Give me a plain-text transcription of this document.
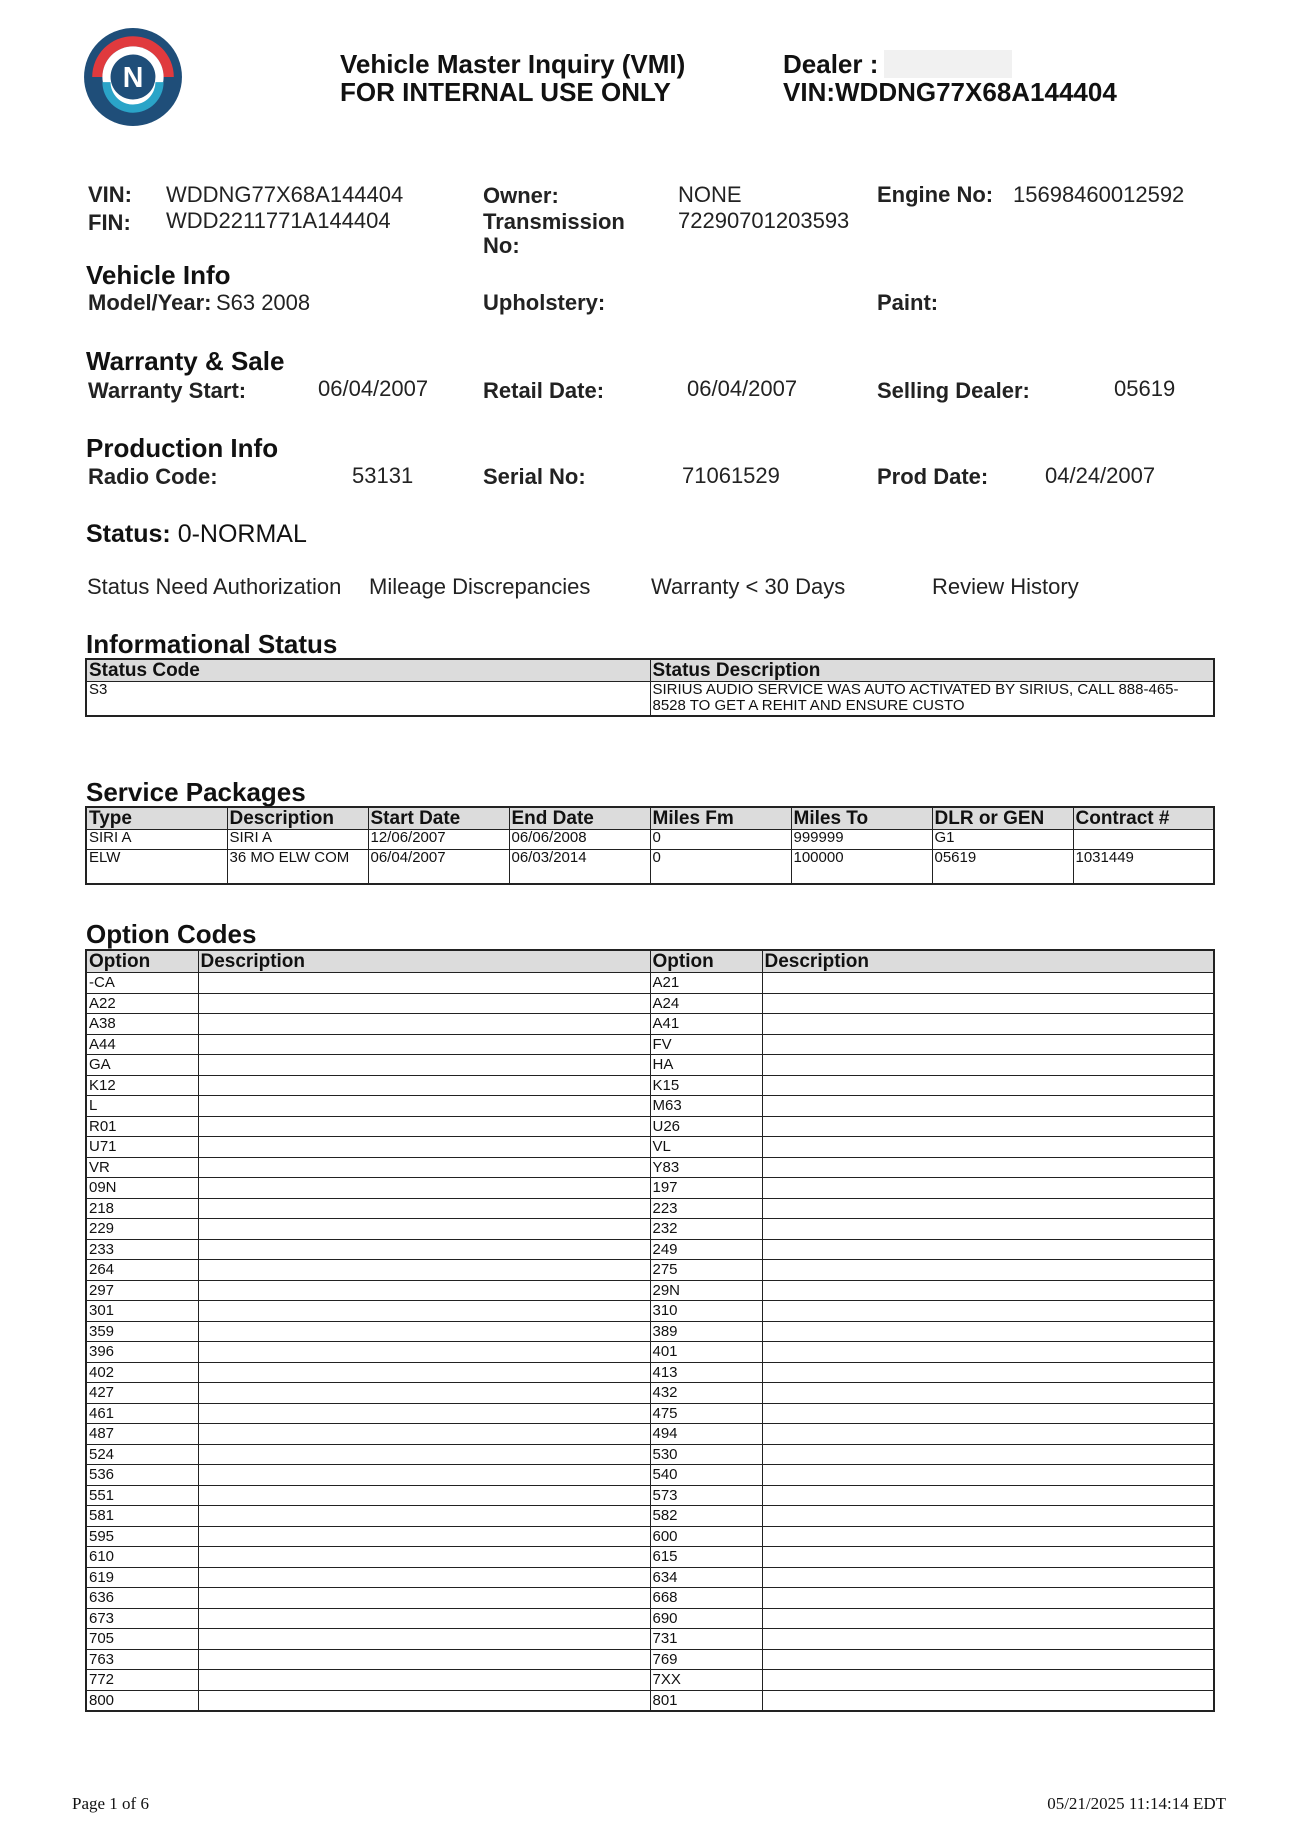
N	Vehicle Master Inquiry (VMI)
FOR INTERNAL USE ONLY
Dealer :
VIN:WDDNG77X68A144404
VIN: WDDNG77X68A144404
FIN: WDD2211771A144404
Owner:	NONE
Transmission
No:
72290701203593
Engine No: 15698460012592
Vehicle Info
Model/Year: S63 2008	Upholstery:	Paint:
Warranty & Sale
Warranty Start:	06/04/2007 Retail Date:	06/04/2007	Selling Dealer:	05619
Production Info
Radio Code:	53131	Serial No:	71061529	Prod Date:	04/24/2007
Status: 0-NORMAL
Status Need Authorization Mileage Discrepancies	Warranty < 30 Days	Review History
Informational Status
Status Code	Status Description
S3	SIRIUS AUDIO SERVICE WAS AUTO ACTIVATED BY SIRIUS, CALL 888-465-8528 TO GET A REHIT AND ENSURE CUSTO
Service Packages
Type	Description	Start Date	End Date	Miles Fm	Miles To	DLR or GEN	Contract #
SIRI A	SIRI A	12/06/2007	06/06/2008	0	999999	G1	
ELW	36 MO ELW COM	06/04/2007	06/03/2014	0	100000	05619	1031449
Option Codes
Option	Description	Option	Description
-CA		A21	
A22		A24	
A38		A41	
A44		FV	
GA		HA	
K12		K15	
L		M63	
R01		U26	
U71		VL	
VR		Y83	
09N		197	
218		223	
229		232	
233		249	
264		275	
297		29N	
301		310	
359		389	
396		401	
402		413	
427		432	
461		475	
487		494	
524		530	
536		540	
551		573	
581		582	
595		600	
610		615	
619		634	
636		668	
673		690	
705		731	
763		769	
772		7XX	
800		801	
Page 1 of 6	05/21/2025 11:14:14 EDT
